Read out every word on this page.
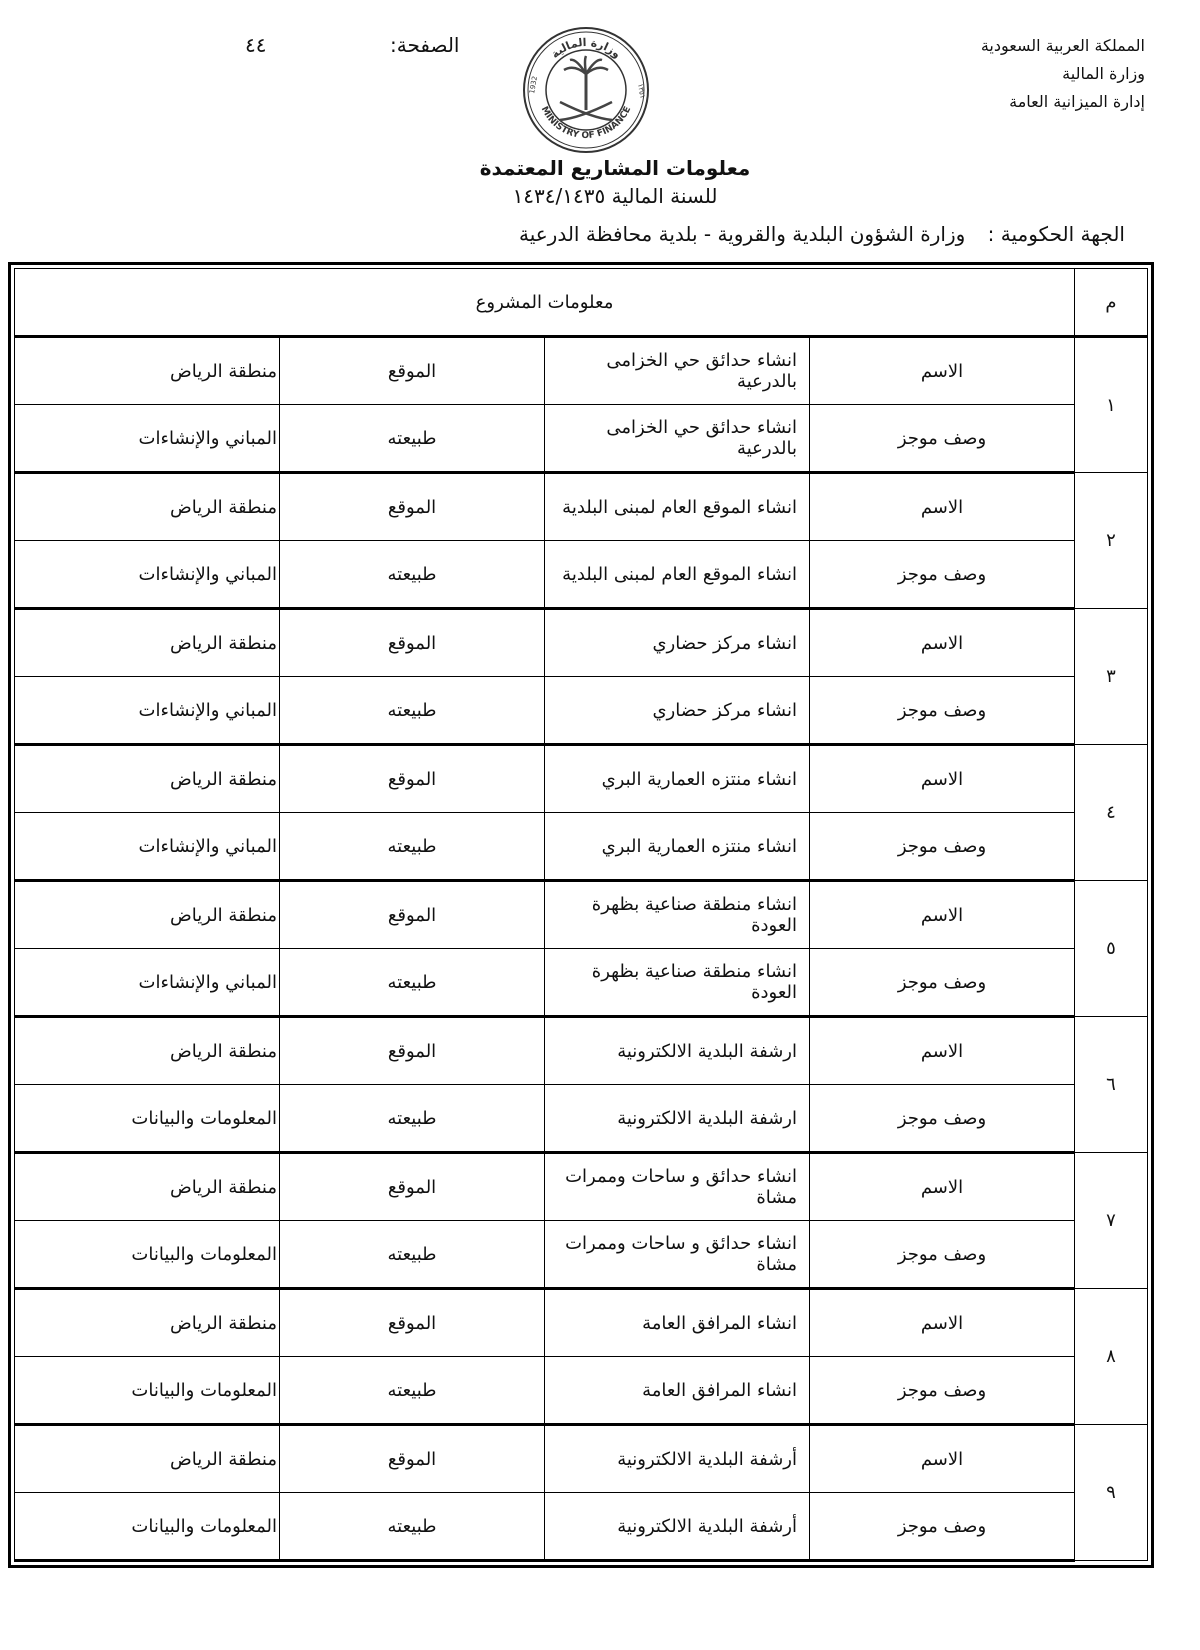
المملكة العربية السعودية
وزارة المالية
إدارة الميزانية العامة
الصفحة:
٤٤	وزارة المالية
MINISTRY OF FINANCE
1932	١٣٥١
معلومات المشاريع المعتمدة
للسنة المالية ١٤٣٤/١٤٣٥
الجهة الحكومية : وزارة الشؤون البلدية والقروية - بلدية محافظة الدرعية
م	معلومات المشروع			
١	الاسم	انشاء حدائق حي الخزامى بالدرعية	الموقع	منطقة الرياض
	وصف موجز	انشاء حدائق حي الخزامى بالدرعية	طبيعته	المباني والإنشاءات
٢	الاسم	انشاء الموقع العام لمبنى البلدية	الموقع	منطقة الرياض
	وصف موجز	انشاء الموقع العام لمبنى البلدية	طبيعته	المباني والإنشاءات
٣	الاسم	انشاء مركز حضاري	الموقع	منطقة الرياض
	وصف موجز	انشاء مركز حضاري	طبيعته	المباني والإنشاءات
٤	الاسم	انشاء منتزه العمارية البري	الموقع	منطقة الرياض
	وصف موجز	انشاء منتزه العمارية البري	طبيعته	المباني والإنشاءات
٥	الاسم	انشاء منطقة صناعية بظهرة العودة	الموقع	منطقة الرياض
	وصف موجز	انشاء منطقة صناعية بظهرة العودة	طبيعته	المباني والإنشاءات
٦	الاسم	ارشفة البلدية الالكترونية	الموقع	منطقة الرياض
	وصف موجز	ارشفة البلدية الالكترونية	طبيعته	المعلومات والبيانات
٧	الاسم	انشاء حدائق و ساحات وممرات مشاة	الموقع	منطقة الرياض
	وصف موجز	انشاء حدائق و ساحات وممرات مشاة	طبيعته	المعلومات والبيانات
٨	الاسم	انشاء المرافق العامة	الموقع	منطقة الرياض
	وصف موجز	انشاء المرافق العامة	طبيعته	المعلومات والبيانات
٩	الاسم	أرشفة البلدية الالكترونية	الموقع	منطقة الرياض
	وصف موجز	أرشفة البلدية الالكترونية	طبيعته	المعلومات والبيانات
